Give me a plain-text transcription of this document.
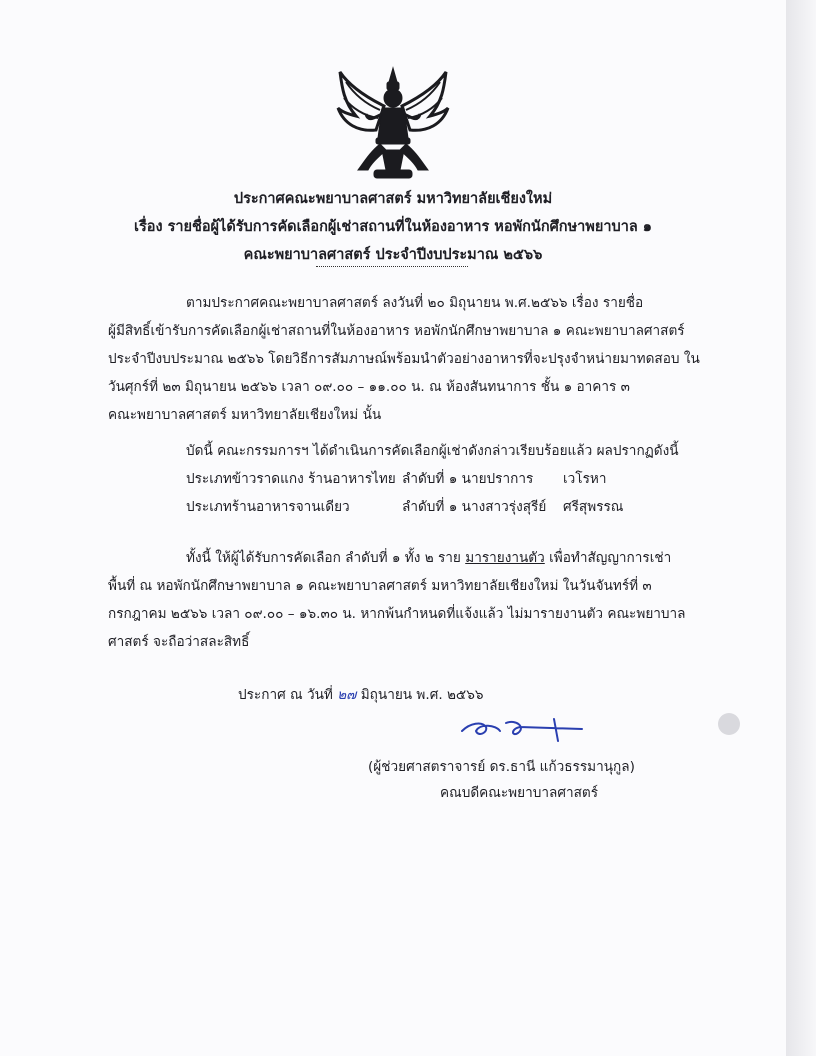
ประกาศคณะพยาบาลศาสตร์ มหาวิทยาลัยเชียงใหม่
เรื่อง รายชื่อผู้ได้รับการคัดเลือกผู้เช่าสถานที่ในห้องอาหาร หอพักนักศึกษาพยาบาล ๑
คณะพยาบาลศาสตร์ ประจำปีงบประมาณ ๒๕๖๖
ตามประกาศคณะพยาบาลศาสตร์ ลงวันที่ ๒๐ มิถุนายน พ.ศ.๒๕๖๖ เรื่อง รายชื่อ
ผู้มีสิทธิ์เข้ารับการคัดเลือกผู้เช่าสถานที่ในห้องอาหาร หอพักนักศึกษาพยาบาล ๑ คณะพยาบาลศาสตร์
ประจำปีงบประมาณ ๒๕๖๖ โดยวิธีการสัมภาษณ์พร้อมนำตัวอย่างอาหารที่จะปรุงจำหน่ายมาทดสอบ ใน
วันศุกร์ที่ ๒๓ มิถุนายน ๒๕๖๖ เวลา ๐๙.๐๐ – ๑๑.๐๐ น. ณ ห้องสันทนาการ ชั้น ๑ อาคาร ๓
คณะพยาบาลศาสตร์ มหาวิทยาลัยเชียงใหม่ นั้น
บัดนี้ คณะกรรมการฯ ได้ดำเนินการคัดเลือกผู้เช่าดังกล่าวเรียบร้อยแล้ว ผลปรากฏดังนี้
ประเภทข้าวราดแกง ร้านอาหารไทย ลำดับที่ ๑ นายปราการ เวโรหา
ประเภทร้านอาหารจานเดียว	ลำดับที่ ๑ นางสาวรุ่งสุรีย์ ศรีสุพรรณ
ทั้งนี้ ให้ผู้ได้รับการคัดเลือก ลำดับที่ ๑ ทั้ง ๒ ราย มารายงานตัว เพื่อทำสัญญาการเช่า
พื้นที่ ณ หอพักนักศึกษาพยาบาล ๑ คณะพยาบาลศาสตร์ มหาวิทยาลัยเชียงใหม่ ในวันจันทร์ที่ ๓
กรกฎาคม ๒๕๖๖ เวลา ๐๙.๐๐ – ๑๖.๓๐ น. หากพ้นกำหนดที่แจ้งแล้ว ไม่มารายงานตัว คณะพยาบาล
ศาสตร์ จะถือว่าสละสิทธิ์
ประกาศ ณ วันที่ ๒๗ มิถุนายน พ.ศ. ๒๕๖๖
(ผู้ช่วยศาสตราจารย์ ดร.ธานี แก้วธรรมานุกูล)
คณบดีคณะพยาบาลศาสตร์
